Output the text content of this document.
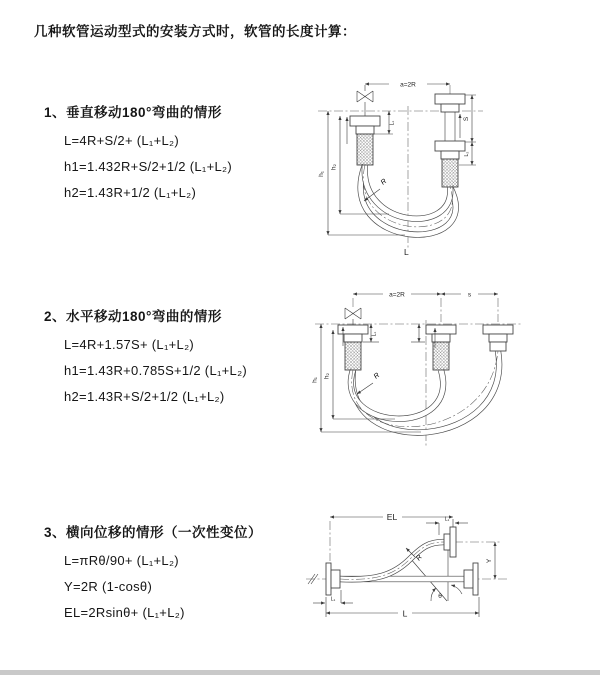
几种软管运动型式的安装方式时，软管的长度计算：
1、垂直移动180°弯曲的情形
L=4R+S/2+ (L₁+L₂)
h1=1.432R+S/2+1/2 (L₁+L₂)
h2=1.43R+1/2 (L₁+L₂)
2、水平移动180°弯曲的情形
L=4R+1.57S+ (L₁+L₂)
h1=1.43R+0.785S+1/2 (L₁+L₂)
h2=1.43R+S/2+1/2 (L₁+L₂)
3、横向位移的情形（一次性变位）
L=πRθ/90+ (L₁+L₂)
Y=2R (1-cosθ)
EL=2Rsinθ+ (L₁+L₂)
a=2R
h₁
h₂
S
L₂
L₁
R
L
a=2R	s
h₁
h₂
L₁
R
EL	L₁
Y
R
θ
L
L₁
